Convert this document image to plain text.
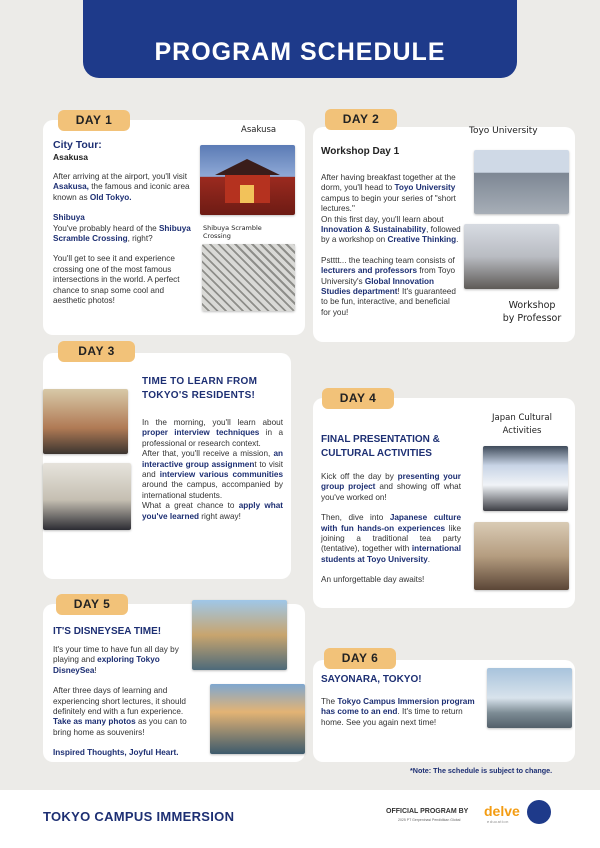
PROGRAM SCHEDULE
DAY 1
City Tour:
Asakusa

After arriving at the airport, you'll visit Asakusa, the famous and iconic area known as Old Tokyo.

Shibuya

You've probably heard of the Shibuya Scramble Crossing, right?

You'll get to see it and experience crossing one of the most famous intersections in the world. A perfect chance to snap some cool and aesthetic photos!

Asakusa
Shibuya Scramble Crossing
DAY 2
Toyo University
Workshop Day 1

After having breakfast together at the dorm, you'll head to Toyo University campus to begin your series of "short lectures."
On this first day, you'll learn about Innovation & Sustainability, followed by a workshop on Creative Thinking.

Pstttt... the teaching team consists of lecturers and professors from Toyo University's Global Innovation Studies department! It's guaranteed to be fun, interactive, and beneficial for you!

Workshop by Professor
DAY 3
TIME TO LEARN FROM TOKYO'S RESIDENTS!
In the morning, you'll learn about proper interview techniques in a professional or research context.
After that, you'll receive a mission, an interactive group assignment to visit and interview various communities around the campus, accompanied by international students.
What a great chance to apply what you've learned right away!
DAY 4
Japan Cultural Activities
FINAL PRESENTATION & CULTURAL ACTIVITIES

Kick off the day by presenting your group project and showing off what you've worked on!

Then, dive into Japanese culture with fun hands-on experiences like joining a traditional tea party (tentative), together with international students at Toyo University.

An unforgettable day awaits!

DAY 5
IT'S DISNEYSEA TIME!

It's your time to have fun all day by playing and exploring Tokyo DisneySea!

After three days of learning and experiencing short lectures, it should definitely end with a fun experience. Take as many photos as you can to bring home as souvenirs!

Inspired Thoughts, Joyful Heart.
DAY 6
SAYONARA, TOKYO!

The Tokyo Campus Immersion program has come to an end. It's time to return home. See you again next time!

*Note: The schedule is subject to change.
TOKYO CAMPUS IMMERSION	OFFICIAL PROGRAM BY
2025 PT Gerpeninasi Pendidikan Global
delve
education
